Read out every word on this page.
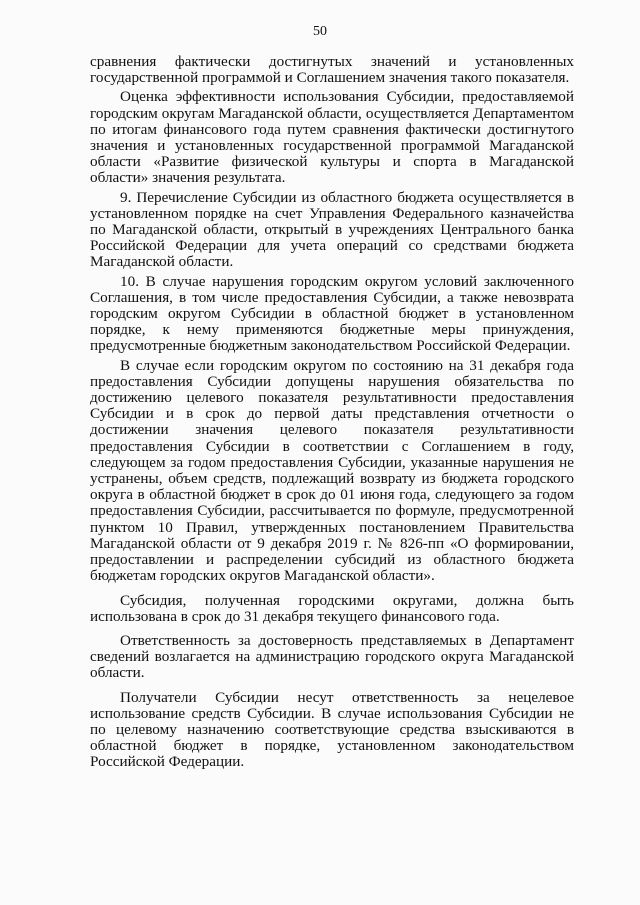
50

сравнения фактически достигнутых значений и установленных государственной программой и Соглашением значения такого показателя.

Оценка эффективности использования Субсидии, предоставляемой городским округам Магаданской области, осуществляется Департаментом по итогам финансового года путем сравнения фактически достигнутого значения и установленных государственной программой Магаданской области «Развитие физической культуры и спорта в Магаданской области» значения результата.

9. Перечисление Субсидии из областного бюджета осуществляется в установленном порядке на счет Управления Федерального казначейства по Магаданской области, открытый в учреждениях Центрального банка Российской Федерации для учета операций со средствами бюджета Магаданской области.

10. В случае нарушения городским округом условий заключенного Соглашения, в том числе предоставления Субсидии, а также невозврата городским округом Субсидии в областной бюджет в установленном порядке, к нему применяются бюджетные меры принуждения, предусмотренные бюджетным законодательством Российской Федерации.

В случае если городским округом по состоянию на 31 декабря года предоставления Субсидии допущены нарушения обязательства по достижению целевого показателя результативности предоставления Субсидии и в срок до первой даты представления отчетности о достижении значения целевого показателя результативности предоставления Субсидии в соответствии с Соглашением в году, следующем за годом предоставления Субсидии, указанные нарушения не устранены, объем средств, подлежащий возврату из бюджета городского округа в областной бюджет в срок до 01 июня года, следующего за годом предоставления Субсидии, рассчитывается по формуле, предусмотренной пунктом 10 Правил, утвержденных постановлением Правительства Магаданской области от 9 декабря 2019 г. № 826-пп «О формировании, предоставлении и распределении субсидий из областного бюджета бюджетам городских округов Магаданской области».

Субсидия, полученная городскими округами, должна быть использована в срок до 31 декабря текущего финансового года.

Ответственность за достоверность представляемых в Департамент сведений возлагается на администрацию городского округа Магаданской области.

Получатели Субсидии несут ответственность за нецелевое использование средств Субсидии. В случае использования Субсидии не по целевому назначению соответствующие средства взыскиваются в областной бюджет в порядке, установленном законодательством Российской Федерации.
